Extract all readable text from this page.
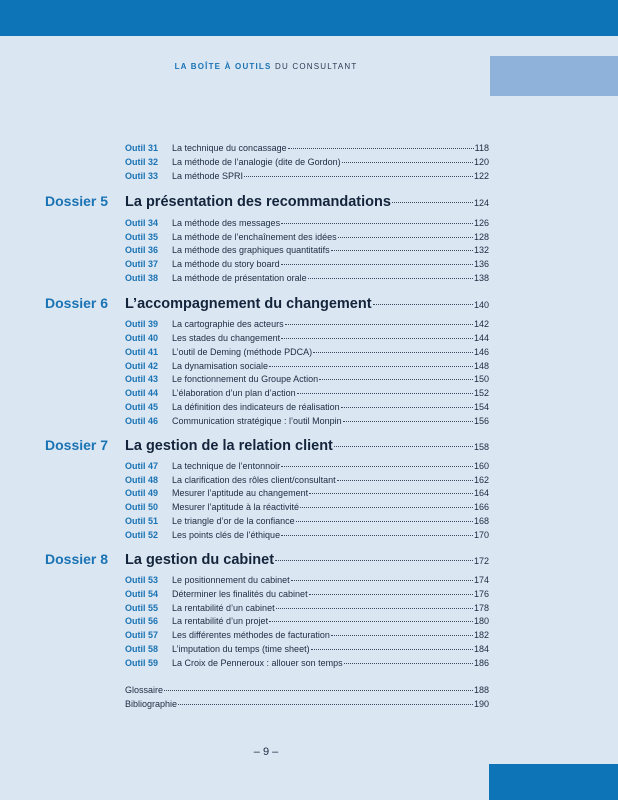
LA BOÎTE À OUTILS DU CONSULTANT
Outil 31	La technique du concassage	118
Outil 32	La méthode de l’analogie (dite de Gordon)	120
Outil 33	La méthode SPRI	122
Dossier 5	La présentation des recommandations	124
Outil 34	La méthode des messages	126
Outil 35	La méthode de l’enchaînement des idées	128
Outil 36	La méthode des graphiques quantitatifs	132
Outil 37	La méthode du story board	136
Outil 38	La méthode de présentation orale	138
Dossier 6	L’accompagnement du changement	140
Outil 39	La cartographie des acteurs	142
Outil 40	Les stades du changement	144
Outil 41	L’outil de Deming (méthode PDCA)	146
Outil 42	La dynamisation sociale	148
Outil 43	Le fonctionnement du Groupe Action	150
Outil 44	L’élaboration d’un plan d’action	152
Outil 45	La définition des indicateurs de réalisation	154
Outil 46	Communication stratégique : l’outil Monpin	156
Dossier 7	La gestion de la relation client	158
Outil 47	La technique de l’entonnoir	160
Outil 48	La clarification des rôles client/consultant	162
Outil 49	Mesurer l’aptitude au changement	164
Outil 50	Mesurer l’aptitude à la réactivité	166
Outil 51	Le triangle d’or de la confiance	168
Outil 52	Les points clés de l’éthique	170
Dossier 8	La gestion du cabinet	172
Outil 53	Le positionnement du cabinet	174
Outil 54	Déterminer les finalités du cabinet	176
Outil 55	La rentabilité d’un cabinet	178
Outil 56	La rentabilité d’un projet	180
Outil 57	Les différentes méthodes de facturation	182
Outil 58	L’imputation du temps (time sheet)	184
Outil 59	La Croix de Penneroux : allouer son temps	186
Glossaire	188
Bibliographie	190
– 9 –
